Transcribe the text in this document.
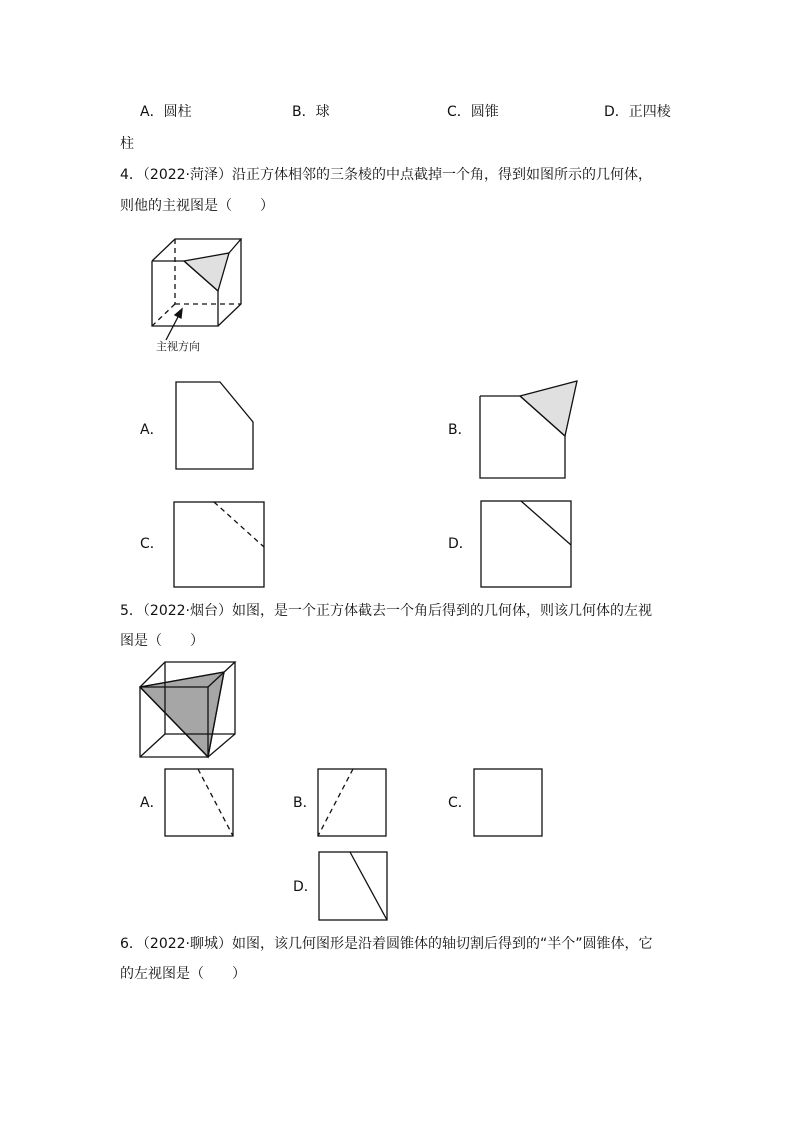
A．圆柱	B．球	C．圆锥	D．正四棱
柱
4．（2022·菏泽）沿正方体相邻的三条棱的中点截掉一个角，得到如图所示的几何体，
则他的主视图是（　　）
主视方向
A．	B．
C．	D．
5．（2022·烟台）如图，是一个正方体截去一个角后得到的几何体，则该几何体的左视
图是（　　）
A．	B．	C．
D．
6．（2022·聊城）如图，该几何图形是沿着圆锥体的轴切割后得到的“半个”圆锥体，它
的左视图是（　　）
